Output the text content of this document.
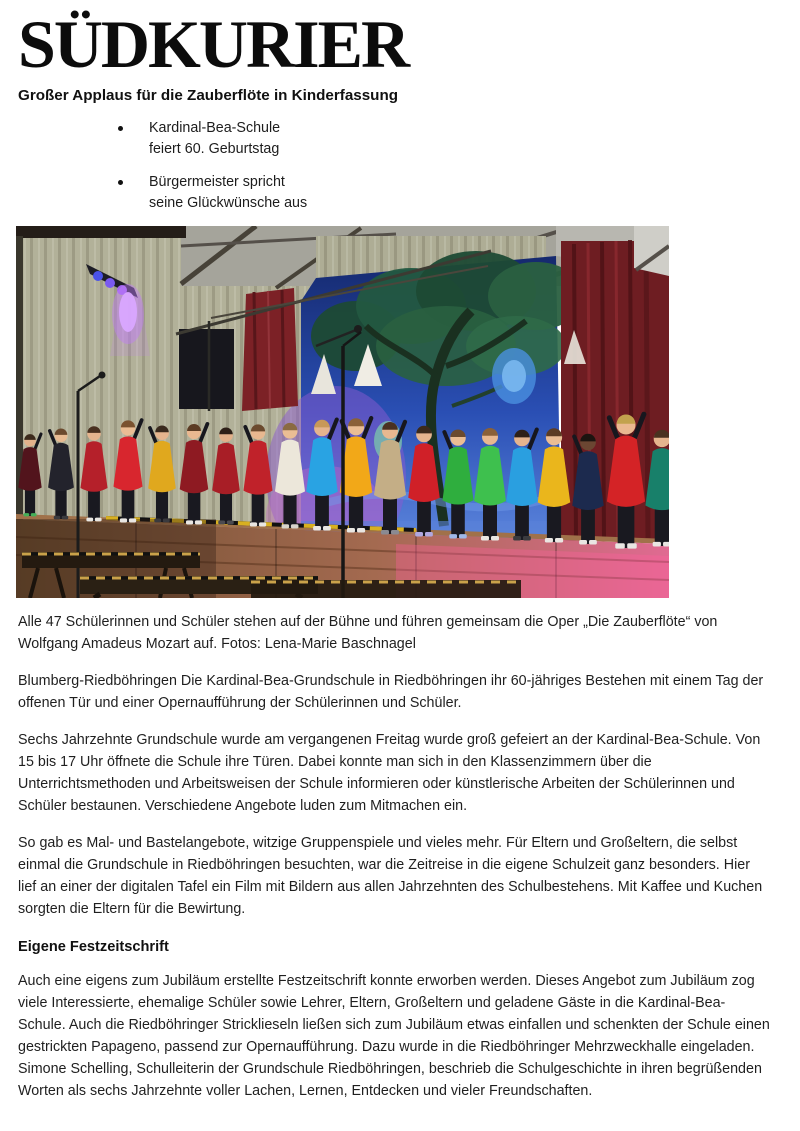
SÜDKURIER
Großer Applaus für die Zauberflöte in Kinderfassung
Kardinal-Bea-Schule
feiert 60. Geburtstag
Bürgermeister spricht
seine Glückwünsche aus

Alle 47 Schülerinnen und Schüler stehen auf der Bühne und führen gemeinsam die Oper „Die Zauberflöte“ von Wolfgang Amadeus Mozart auf. Fotos: Lena-Marie Baschnagel

Blumberg-Riedböhringen Die Kardinal-Bea-Grundschule in Riedböhringen ihr 60-jähriges Bestehen mit einem Tag der offenen Tür und einer Opernaufführung der Schülerinnen und Schüler.

Sechs Jahrzehnte Grundschule wurde am vergangenen Freitag wurde groß gefeiert an der Kardinal-Bea-Schule. Von 15 bis 17 Uhr öffnete die Schule ihre Türen. Dabei konnte man sich in den Klassenzimmern über die Unterrichtsmethoden und Arbeitsweisen der Schule informieren oder künstlerische Arbeiten der Schülerinnen und Schüler bestaunen. Verschiedene Angebote luden zum Mitmachen ein.

So gab es Mal- und Bastelangebote, witzige Gruppenspiele und vieles mehr. Für Eltern und Großeltern, die selbst einmal die Grundschule in Riedböhringen besuchten, war die Zeitreise in die eigene Schulzeit ganz besonders. Hier lief an einer der digitalen Tafel ein Film mit Bildern aus allen Jahrzehnten des Schulbestehens. Mit Kaffee und Kuchen sorgten die Eltern für die Bewirtung.

Eigene Festzeitschrift

Auch eine eigens zum Jubiläum erstellte Festzeitschrift konnte erworben werden. Dieses Angebot zum Jubiläum zog viele Interessierte, ehemalige Schüler sowie Lehrer, Eltern, Großeltern und geladene Gäste in die Kardinal-Bea-Schule. Auch die Riedböhringer Stricklieseln ließen sich zum Jubiläum etwas einfallen und schenkten der Schule einen gestrickten Papageno, passend zur Opernaufführung. Dazu wurde in die Riedböhringer Mehrzweckhalle eingeladen. Simone Schelling, Schulleiterin der Grundschule Riedböhringen, beschrieb die Schulgeschichte in ihren begrüßenden Worten als sechs Jahrzehnte voller Lachen, Lernen, Entdecken und vieler Freundschaften.
